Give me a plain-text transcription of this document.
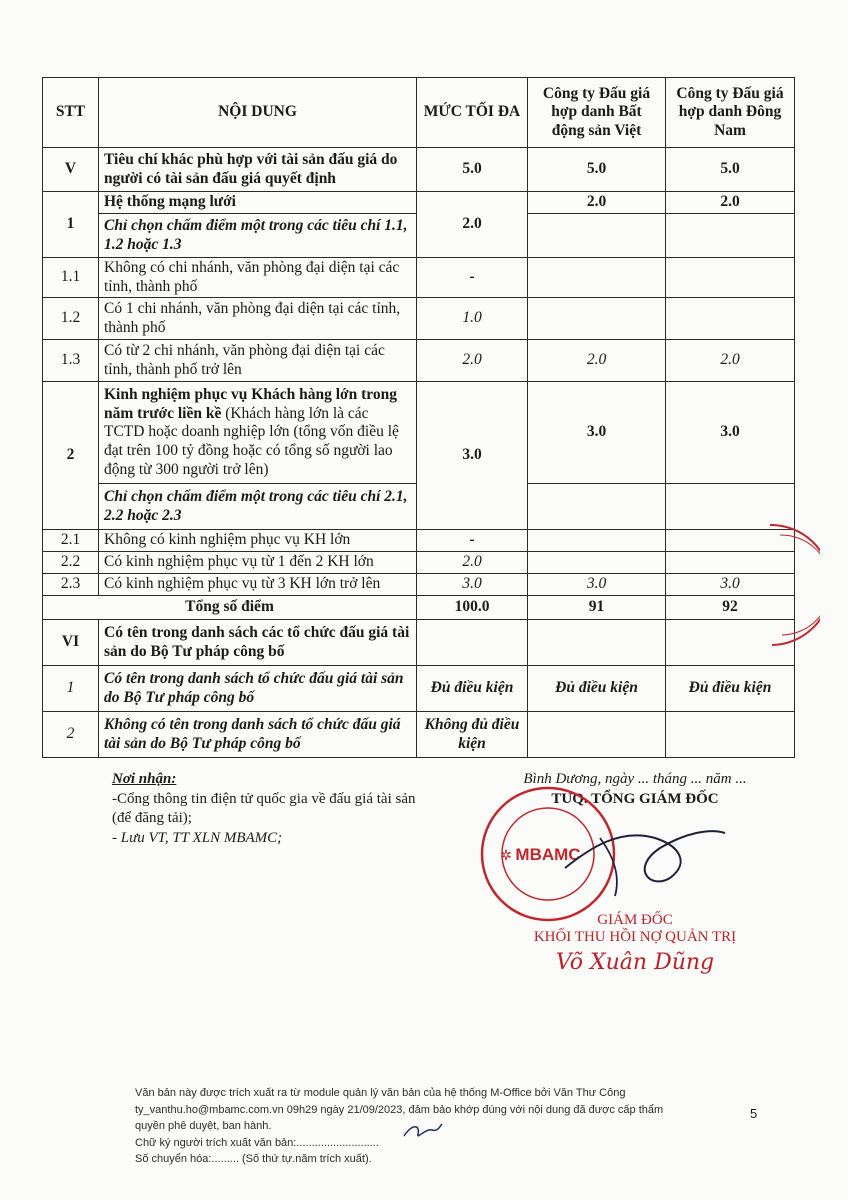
STT	NỘI DUNG	MỨC TỐI ĐA	Công ty Đấu giá hợp danh Bất động sản Việt	Công ty Đấu giá hợp danh Đông Nam
V	Tiêu chí khác phù hợp với tài sản đấu giá do người có tài sản đấu giá quyết định	5.0	5.0	5.0
1	Hệ thống mạng lưới	2.0	2.0	2.0
	Chỉ chọn chấm điểm một trong các tiêu chí 1.1, 1.2 hoặc 1.3			
1.1	Không có chi nhánh, văn phòng đại diện tại các tỉnh, thành phố	-		
1.2	Có 1 chi nhánh, văn phòng đại diện tại các tỉnh, thành phố	1.0		
1.3	Có từ 2 chi nhánh, văn phòng đại diện tại các tỉnh, thành phố trở lên	2.0	2.0	2.0
2	Kinh nghiệm phục vụ Khách hàng lớn trong năm trước liền kề (Khách hàng lớn là các TCTD hoặc doanh nghiệp lớn (tổng vốn điều lệ đạt trên 100 tỷ đồng hoặc có tổng số người lao động từ 300 người trở lên)	3.0	3.0	3.0
	Chỉ chọn chấm điểm một trong các tiêu chí 2.1, 2.2 hoặc 2.3			
2.1	Không có kinh nghiệm phục vụ KH lớn	-		
2.2	Có kinh nghiệm phục vụ từ 1 đến 2 KH lớn	2.0		
2.3	Có kinh nghiệm phục vụ từ 3 KH lớn trở lên	3.0	3.0	3.0
Tổng số điểm		100.0	91	92
VI	Có tên trong danh sách các tổ chức đấu giá tài sản do Bộ Tư pháp công bố			
1	Có tên trong danh sách tổ chức đấu giá tài sản do Bộ Tư pháp công bố	Đủ điều kiện	Đủ điều kiện	Đủ điều kiện
2	Không có tên trong danh sách tổ chức đấu giá tài sản do Bộ Tư pháp công bố	Không đủ điều kiện		
Nơi nhận:
-Cổng thông tin điện tử quốc gia về đấu giá tài sản
(để đăng tải);
- Lưu VT, TT XLN MBAMC;
Bình Dương, ngày ... tháng ... năm ...
TUQ. TỔNG GIÁM ĐỐC
MBAMC
✲
GIÁM ĐỐC
KHỐI THU HỒI NỢ QUẢN TRỊ
Võ Xuân Dũng
Văn bản này được trích xuất ra từ module quản lý văn bản của hệ thống M-Office bởi Văn Thư Công
ty_vanthu.ho@mbamc.com.vn 09h29 ngày 21/09/2023, đảm bảo khớp đúng với nội dung đã được cấp thẩm
quyền phê duyệt, ban hành.
Chữ ký người trích xuất văn bản:...........................
Số chuyển hóa:......... (Số thứ tự.năm trích xuất).
5
